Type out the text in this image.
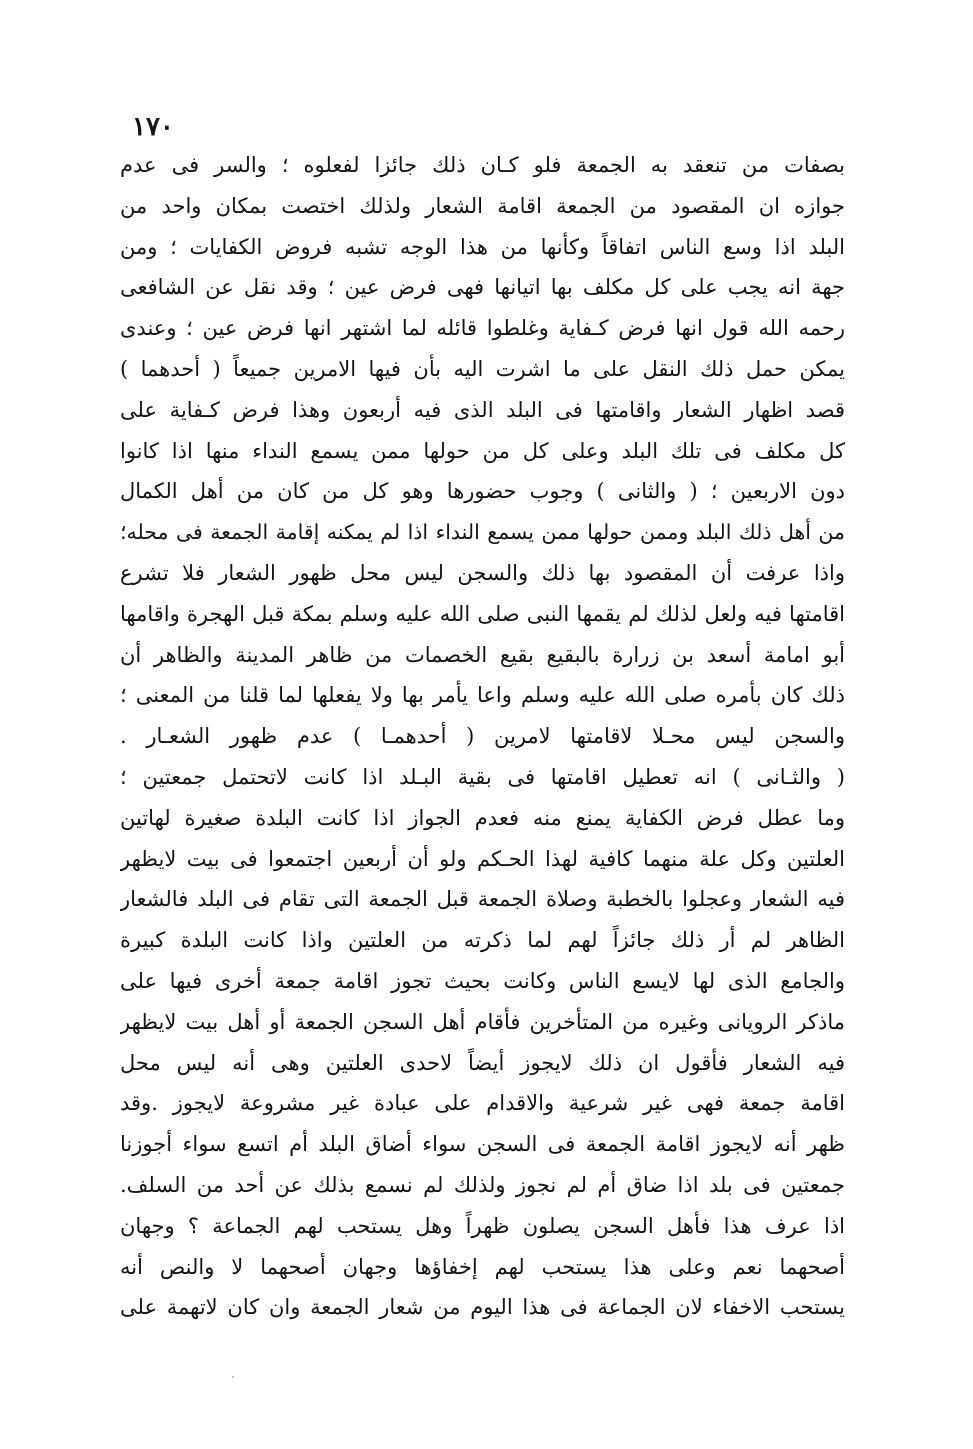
١٧٠
بصفات من تنعقد به الجمعة فلو كـان ذلك جائزا لفعلوه ؛ والسر فى عدم
جوازه ان المقصود من الجمعة اقامة الشعار ولذلك اختصت بمكان واحد من
البلد اذا وسع الناس اتفاقاً وكأنها من هذا الوجه تشبه فروض الكفايات ؛ ومن
جهة انه يجب على كل مكلف بها اتيانها فهى فرض عين ؛ وقد نقل عن الشافعى
رحمه الله قول انها فرض كـفاية وغلطوا قائله لما اشتهر انها فرض عين ؛ وعندى
يمكن حمل ذلك النقل على ما اشرت اليه بأن فيها الامرين جميعاً ( أحدهما )
قصد اظهار الشعار واقامتها فى البلد الذى فيه أربعون وهذا فرض كـفاية على
كل مكلف فى تلك البلد وعلى كل من حولها ممن يسمع النداء منها اذا كانوا
دون الاربعين ؛ ( والثانى ) وجوب حضورها وهو كل من كان من أهل الكمال
من أهل ذلك البلد وممن حولها ممن يسمع النداء اذا لم يمكنه إقامة الجمعة فى محله؛
واذا عرفت أن المقصود بها ذلك والسجن ليس محل ظهور الشعار فلا تشرع
اقامتها فيه ولعل لذلك لم يقمها النبى صلى الله عليه وسلم بمكة قبل الهجرة واقامها
أبو امامة أسعد بن زرارة بالبقيع بقيع الخصمات من ظاهر المدينة والظاهر أن
ذلك كان بأمره صلى الله عليه وسلم واعا يأمر بها ولا يفعلها لما قلنا من المعنى ؛
والسجن ليس محـلا لاقامتها لامرين ( أحدهمـا ) عدم ظهور الشعـار .
( والثـانى ) انه تعطيل اقامتها فى بقية البـلد اذا كانت لاتحتمل جمعتين ؛
وما عطل فرض الكفاية يمنع منه فعدم الجواز اذا كانت البلدة صغيرة لهاتين
العلتين وكل علة منهما كافية لهذا الحـكم ولو أن أربعين اجتمعوا فى بيت لايظهر
فيه الشعار وعجلوا بالخطبة وصلاة الجمعة قبل الجمعة التى تقام فى البلد فالشعار
الظاهر لم أر ذلك جائزاً لهم لما ذكرته من العلتين واذا كانت البلدة كبيرة
والجامع الذى لها لايسع الناس وكانت بحيث تجوز اقامة جمعة أخرى فيها على
ماذكر الرويانى وغيره من المتأخرين فأقام أهل السجن الجمعة أو أهل بيت لايظهر
فيه الشعار فأقول ان ذلك لايجوز أيضاً لاحدى العلتين وهى أنه ليس محل
اقامة جمعة فهى غير شرعية والاقدام على عبادة غير مشروعة لايجوز .وقد
ظهر أنه لايجوز اقامة الجمعة فى السجن سواء أضاق البلد أم اتسع سواء أجوزنا
جمعتين فى بلد اذا ضاق أم لم نجوز ولذلك لم نسمع بذلك عن أحد من السلف.
اذا عرف هذا فأهل السجن يصلون ظهراً وهل يستحب لهم الجماعة ؟ وجهان
أصحهما نعم وعلى هذا يستحب لهم إخفاؤها وجهان أصحهما لا والنص أنه
يستحب الاخفاء لان الجماعة فى هذا اليوم من شعار الجمعة وان كان لاتهمة على
